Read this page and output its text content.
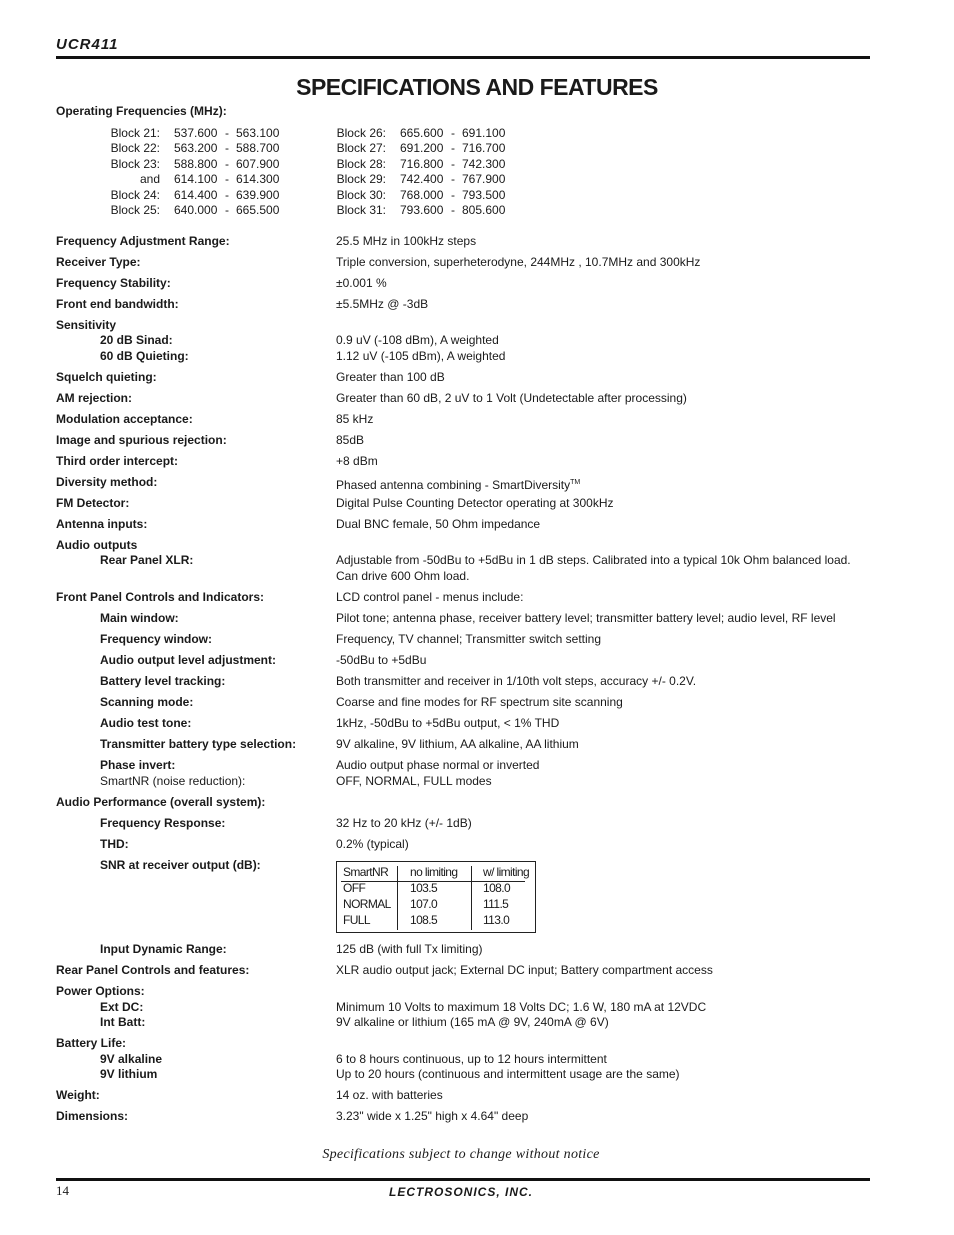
UCR411
SPECIFICATIONS AND FEATURES
Operating Frequencies (MHz):
Block 21: 537.600 - 563.100
Block 22: 563.200 - 588.700
Block 23: 588.800 - 607.900
and 614.100 - 614.300
Block 24: 614.400 - 639.900
Block 25: 640.000 - 665.500
Block 26: 665.600 - 691.100
Block 27: 691.200 - 716.700
Block 28: 716.800 - 742.300
Block 29: 742.400 - 767.900
Block 30: 768.000 - 793.500
Block 31: 793.600 - 805.600
Frequency Adjustment Range:	25.5 MHz in 100kHz steps
Receiver Type:	Triple conversion, superheterodyne, 244MHz , 10.7MHz and 300kHz
Frequency Stability:	±0.001 %
Front end bandwidth:	±5.5MHz @ -3dB
Sensitivity
20 dB Sinad:	0.9 uV (-108 dBm), A weighted
60 dB Quieting:	1.12 uV (-105 dBm), A weighted
Squelch quieting:	Greater than 100 dB
AM rejection:	Greater than 60 dB, 2 uV to 1 Volt (Undetectable after processing)
Modulation acceptance:	85 kHz
Image and spurious rejection:	85dB
Third order intercept:	+8 dBm
Diversity method:	Phased antenna combining - SmartDiversity™
FM Detector:	Digital Pulse Counting Detector operating at 300kHz
Antenna inputs:	Dual BNC female, 50 Ohm impedance
Audio outputs
Rear Panel XLR:	Adjustable from -50dBu to +5dBu in 1 dB steps. Calibrated into a typical 10k Ohm balanced load.
Can drive 600 Ohm load.
Front Panel Controls and Indicators:	LCD control panel - menus include:
Main window:	Pilot tone; antenna phase, receiver battery level; transmitter battery level; audio level, RF level
Frequency window:	Frequency, TV channel; Transmitter switch setting
Audio output level adjustment:	-50dBu to +5dBu
Battery level tracking:	Both transmitter and receiver in 1/10th volt steps, accuracy +/- 0.2V.
Scanning mode:	Coarse and fine modes for RF spectrum site scanning
Audio test tone:	1kHz, -50dBu to +5dBu output, < 1% THD
Transmitter battery type selection:	9V alkaline, 9V lithium, AA alkaline, AA lithium
Phase invert:	Audio output phase normal or inverted
SmartNR (noise reduction):	OFF, NORMAL, FULL modes
Audio Performance (overall system):
Frequency Response:	32 Hz to 20 kHz (+/- 1dB)
THD:	0.2% (typical)
SNR at receiver output (dB):	SmartNR no limiting w/ limiting
OFF	103.5	108.0
NORMAL 107.0	111.5
FULL	108.5	113.0
Input Dynamic Range:	125 dB (with full Tx limiting)
Rear Panel Controls and features:	XLR audio output jack; External DC input; Battery compartment access
Power Options:
Ext DC:	Minimum 10 Volts to maximum 18 Volts DC; 1.6 W, 180 mA at 12VDC
Int Batt:	9V alkaline or lithium (165 mA @ 9V, 240mA @ 6V)
Battery Life:
9V alkaline	6 to 8 hours continuous, up to 12 hours intermittent
9V lithium	Up to 20 hours (continuous and intermittent usage are the same)
Weight:	14 oz. with batteries
Dimensions:	3.23" wide x 1.25" high x 4.64" deep
Specifications subject to change without notice
14	LECTROSONICS, INC.
